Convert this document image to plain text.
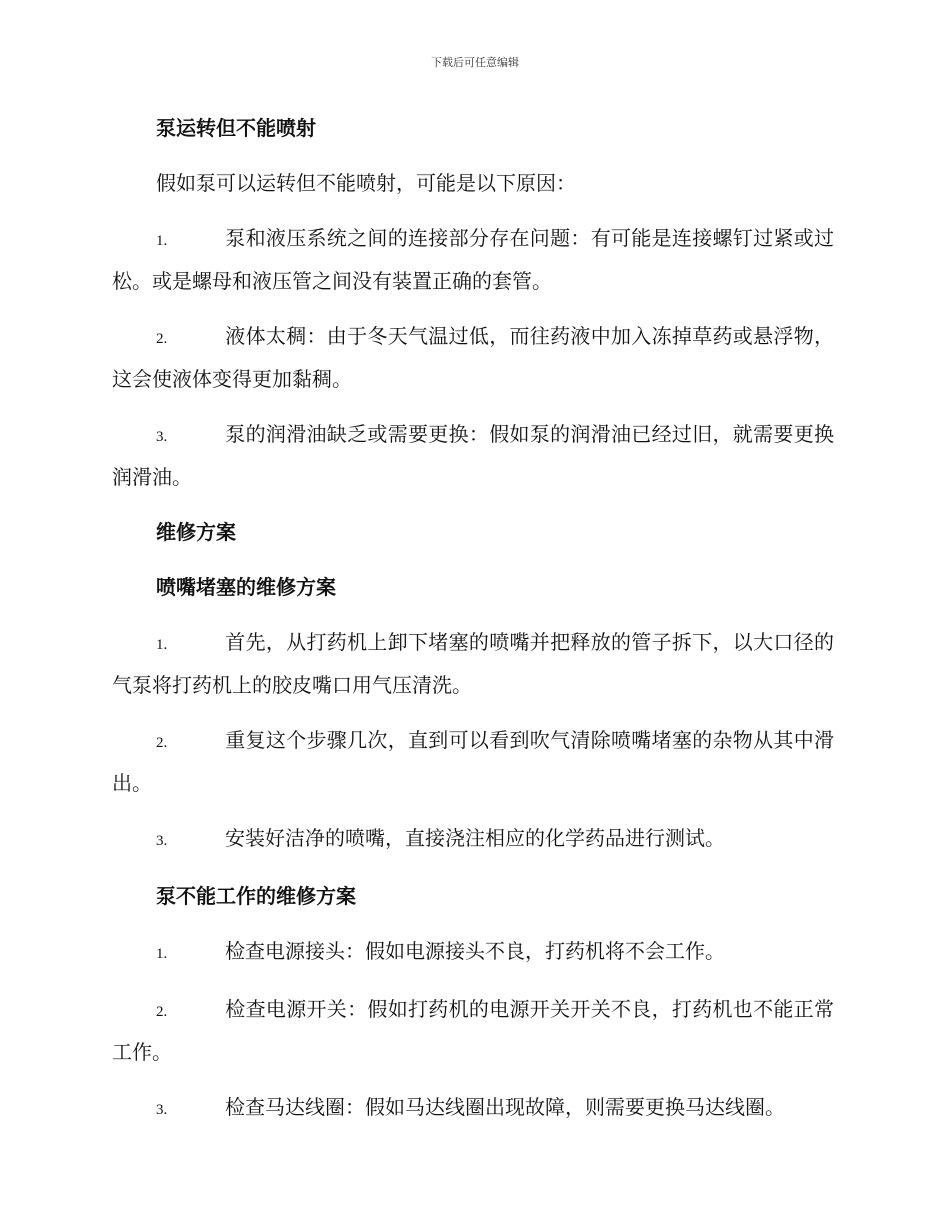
下载后可任意编辑
泵运转但不能喷射
假如泵可以运转但不能喷射，可能是以下原因：
1.	泵和液压系统之间的连接部分存在问题：有可能是连接螺钉过紧或过松。或是螺母和液压管之间没有装置正确的套管。
2.	液体太稠：由于冬天气温过低，而往药液中加入冻掉草药或悬浮物，这会使液体变得更加黏稠。
3.	泵的润滑油缺乏或需要更换：假如泵的润滑油已经过旧，就需要更换润滑油。
维修方案
喷嘴堵塞的维修方案
1.	首先，从打药机上卸下堵塞的喷嘴并把释放的管子拆下，以大口径的气泵将打药机上的胶皮嘴口用气压清洗。
2.	重复这个步骤几次，直到可以看到吹气清除喷嘴堵塞的杂物从其中滑出。
3.	安装好洁净的喷嘴，直接浇注相应的化学药品进行测试。
泵不能工作的维修方案
1.	检查电源接头：假如电源接头不良，打药机将不会工作。
2.	检查电源开关：假如打药机的电源开关开关不良，打药机也不能正常工作。
3.	检查马达线圈：假如马达线圈出现故障，则需要更换马达线圈。
